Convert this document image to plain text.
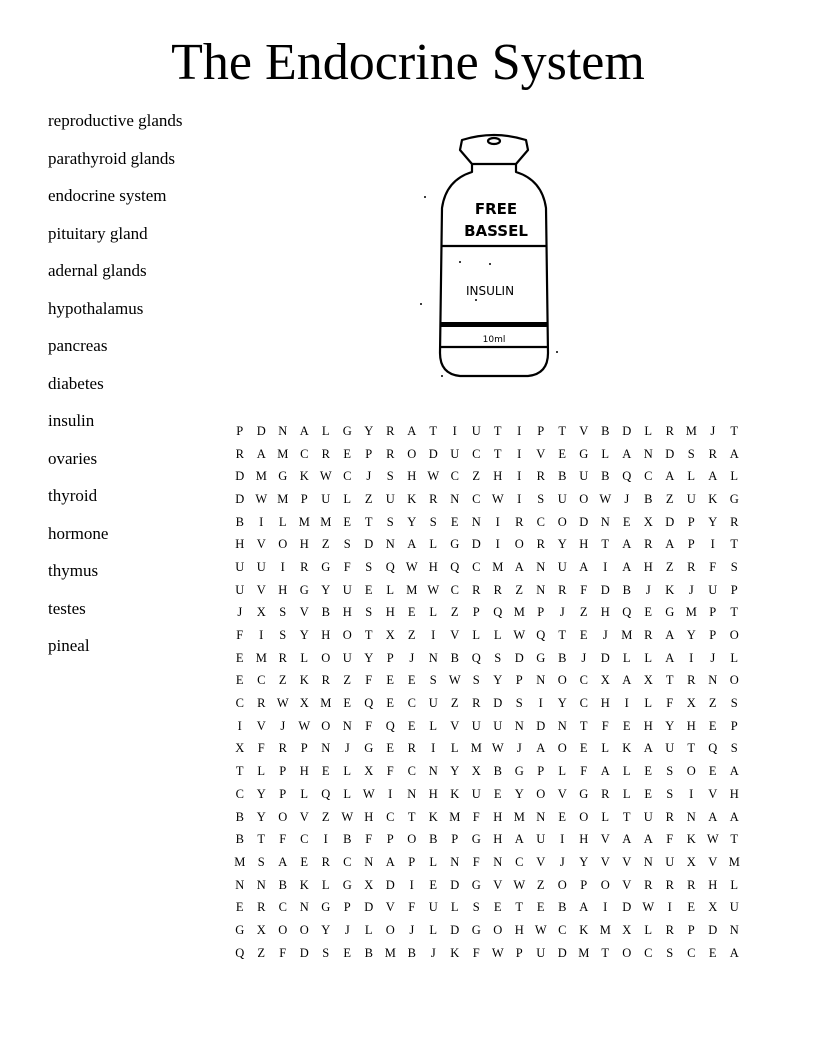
The Endocrine System
reproductive glands
parathyroid glands
endocrine system
pituitary gland
adernal glands
hypothalamus
pancreas
diabetes
insulin
ovaries
thyroid
hormone
thymus
testes
pineal
FREE
BASSEL
INSULIN
10ml
P	D N A	L	G Y	R	A	T	I	U	T	I	P	T	V	B	D	L	R M	J	T
R	A M C	R	E	P	R	O D U	C	T	I	V	E	G	L	A N D	S	R	A
D M G K W C	J	S	H W C	Z	H	I	R	B	U	B	Q	C	A	L	A	L
D W M P	U	L	Z	U K	R	N	C W	I	S	U O W	J	B	Z	U K G
B	I	L M M E	T	S	Y	S	E	N	I	R	C	O D N	E	X D	P	Y	R
H V O H	Z	S	D N A	L	G D	I	O	R	Y H	T	A	R	A	P	I	T
U U	I	R	G	F	S	Q W H Q	C M A N U A	I	A H	Z	R	F	S
U V H G Y U	E	L M W C	R	R	Z	N	R	F	D	B	J	K	J	U	P
J	X	S	V	B	H	S	H	E	L	Z	P	Q M P	J	Z	H Q	E	G M P	T
F	I	S	Y H O	T	X	Z	I	V	L	L W Q	T	E	J	M R	A Y	P	O
E M R	L	O U Y	P	J	N	B	Q	S	D G	B	J	D	L	L	A	I	J	L
E	C	Z	K	R	Z	F	E	E	S W S	Y	P	N O	C	X A X	T	R	N O
C	R W X M E	Q	E	C	U	Z	R	D	S	I	Y	C	H	I	L	F	X	Z	S
I	V	J	W O N	F	Q	E	L	V U U N D N	T	F	E	H Y H	E	P
X	F	R	P	N	J	G	E	R	I	L M W	J	A O	E	L	K A U	T	Q	S
T	L	P	H	E	L	X	F	C	N Y X	B	G	P	L	F	A	L	E	S	O	E	A
C	Y	P	L	Q	L W	I	N H K U	E	Y O V G	R	L	E	S	I	V H
B	Y O V	Z W H	C	T	K M F	H M N	E	O	L	T	U	R	N A A
B	T	F	C	I	B	F	P	O	B	P	G H A U	I	H V A A	F	K W T
M S	A	E	R	C	N A	P	L	N	F	N	C	V	J	Y V V N U X V M
N N	B	K	L	G X D	I	E	D G V W Z	O	P	O V	R	R	R	H	L
E	R	C	N G	P	D V	F	U	L	S	E	T	E	B	A	I	D W	I	E	X U
G X O O Y	J	L	O	J	L	D G O H W C	K M X	L	R	P	D N
Q	Z	F	D	S	E	B M B	J	K	F W P	U D M T	O	C	S	C	E	A
